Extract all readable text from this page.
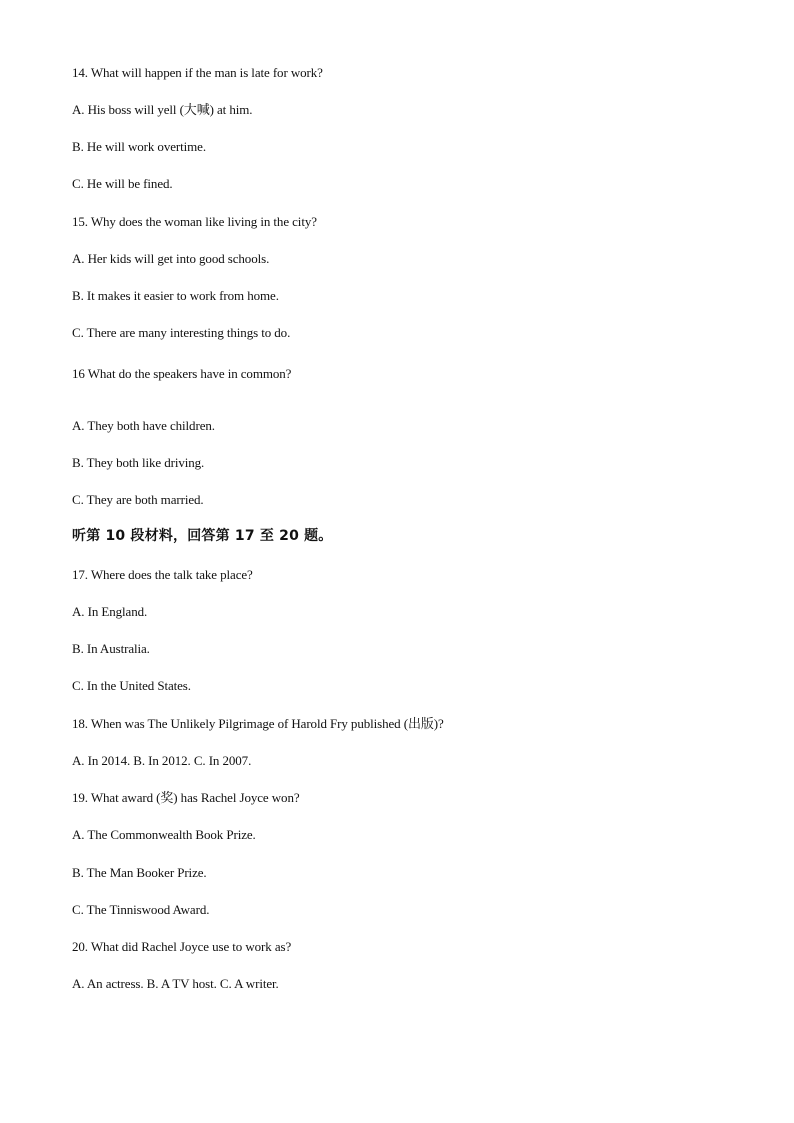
14. What will happen if the man is late for work?
A. His boss will yell (大喊) at him.
B. He will work overtime.
C. He will be fined.
15. Why does the woman like living in the city?
A. Her kids will get into good schools.
B. It makes it easier to work from home.
C. There are many interesting things to do.
16 What do the speakers have in common?
A. They both have children.
B. They both like driving.
C. They are both married.
听第 10 段材料，回答第 17 至 20 题。
17. Where does the talk take place?
A. In England.
B. In Australia.
C. In the United States.
18. When was The Unlikely Pilgrimage of Harold Fry published (出版)?
A. In 2014. B. In 2012. C. In 2007.
19. What award (奖) has Rachel Joyce won?
A. The Commonwealth Book Prize.
B. The Man Booker Prize.
C. The Tinniswood Award.
20. What did Rachel Joyce use to work as?
A. An actress. B. A TV host. C. A writer.
